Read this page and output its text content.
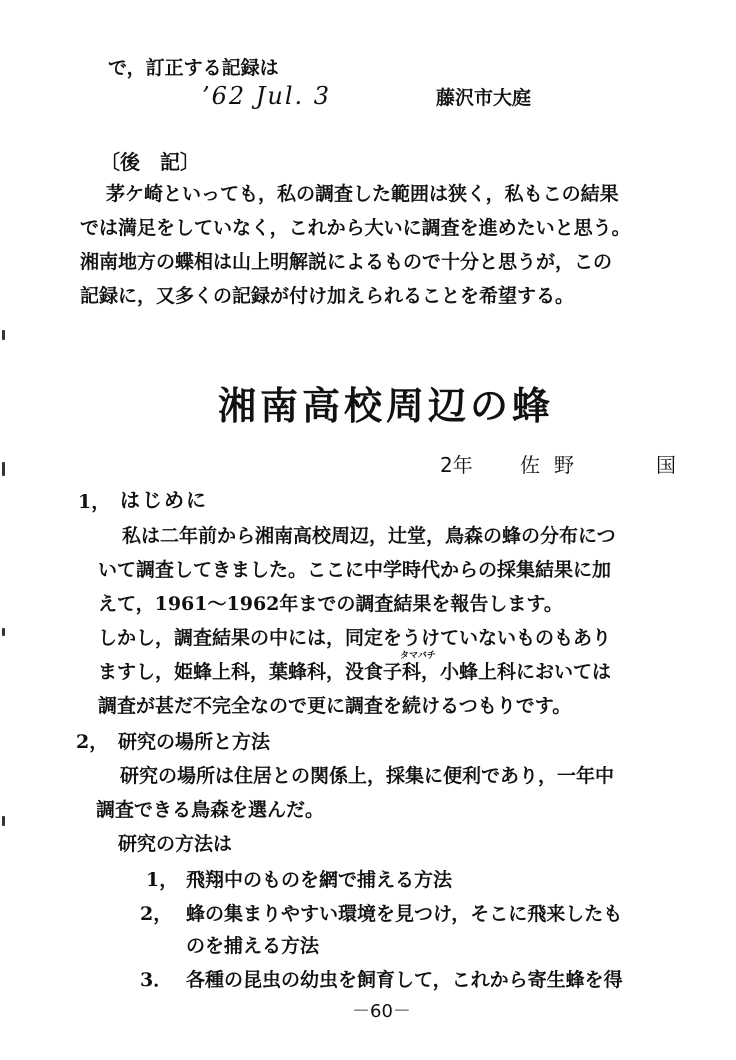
で，訂正する記録は
’62 Jul. 3	藤沢市大庭
〔後　記〕
茅ケ崎といっても，私の調査した範囲は狭く，私もこの結果
では満足をしていなく，これから大いに調査を進めたいと思う。
湘南地方の蝶相は山上明解説によるもので十分と思うが，この
記録に，又多くの記録が付け加えられることを希望する。
湘南高校周辺の蜂
2年 佐野　　国
1， はじめに
私は二年前から湘南高校周辺，辻堂，鳥森の蜂の分布につ
いて調査してきました。ここに中学時代からの採集結果に加
えて，1961～1962年までの調査結果を報告します。
しかし，調査結果の中には，同定をうけていないものもあり
タマバチ
ますし，姫蜂上科，葉蜂科，没食子科，小蜂上科においては
調査が甚だ不完全なので更に調査を続けるつもりです。
2， 研究の場所と方法
研究の場所は住居との関係上，採集に便利であり，一年中
調査できる鳥森を選んだ。
研究の方法は
1， 飛翔中のものを網で捕える方法
2， 蜂の集まりやすい環境を見つけ，そこに飛来したも
のを捕える方法
3． 各種の昆虫の幼虫を飼育して，これから寄生蜂を得
－60－
